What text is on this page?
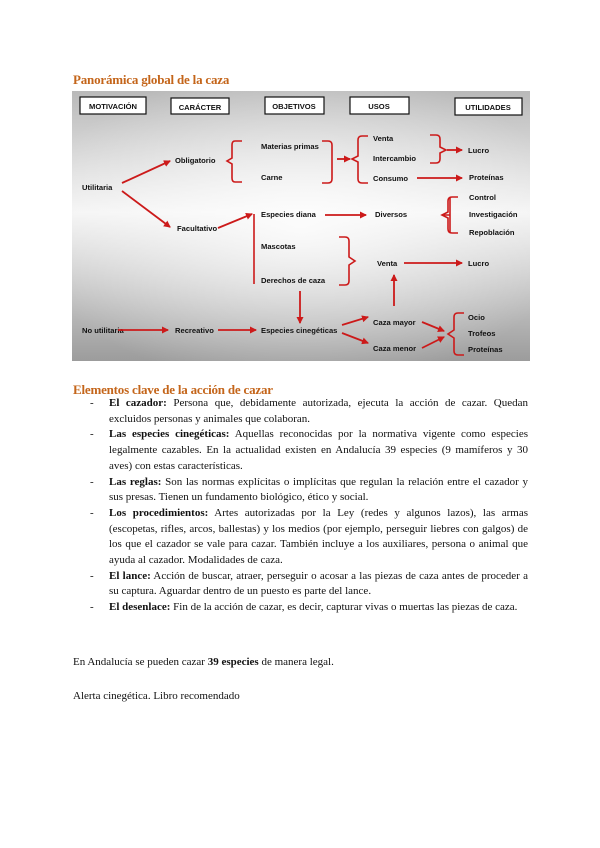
Panorámica global de la caza
MOTIVACIÓN	CARÁCTER	OBJETIVOS	USOS	UTILIDADES
Utilitaria
Obligatorio
Facultativo
Materias primas
Carne
Especies diana
Mascotas
Derechos de caza
Venta
Intercambio
Consumo
Diversos
Venta
Lucro
Proteínas
Control
Investigación
Repoblación
Lucro
No utilitaria	Recreativo	Especies cinegéticas
Caza mayor
Caza menor
Ocio
Trofeos
Proteínas
Elementos clave de la acción de cazar
- El cazador: Persona que, debidamente autorizada, ejecuta la acción de cazar. Quedan excluidos personas y animales que colaboran.
- Las especies cinegéticas: Aquellas reconocidas por la normativa vigente como especies legalmente cazables. En la actualidad existen en Andalucía 39 especies (9 mamíferos y 30 aves) con estas características.
- Las reglas: Son las normas explícitas o implícitas que regulan la relación entre el cazador y sus presas. Tienen un fundamento biológico, ético y social.
- Los procedimientos: Artes autorizadas por la Ley (redes y algunos lazos), las armas (escopetas, rifles, arcos, ballestas) y los medios (por ejemplo, perseguir liebres con galgos) de los que el cazador se vale para cazar. También incluye a los auxiliares, persona o animal que ayuda al cazador. Modalidades de caza.
- El lance: Acción de buscar, atraer, perseguir o acosar a las piezas de caza antes de proceder a su captura. Aguardar dentro de un puesto es parte del lance.
- El desenlace: Fin de la acción de cazar, es decir, capturar vivas o muertas las piezas de caza.
En Andalucía se pueden cazar 39 especies de manera legal.
Alerta cinegética. Libro recomendado
